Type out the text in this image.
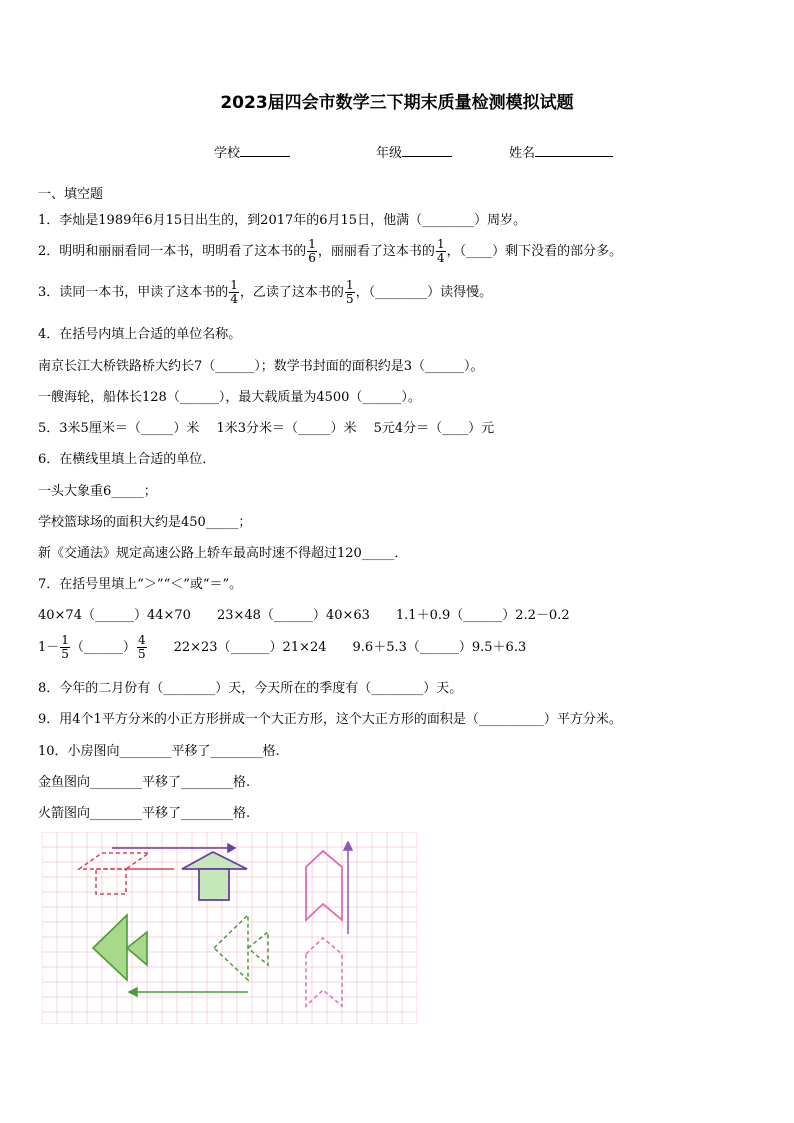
2023届四会市数学三下期末质量检测模拟试题
学校	年级	姓名
一、填空题
1．李灿是1989年6月15日出生的，到2017年的6月15日，他满（________）周岁。
2．明明和丽丽看同一本书，明明看了这本书的 $\frac{1}{6}$ ，丽丽看了这本书的 $\frac{1}{4}$ ，（____）剩下没看的部分多。
3．读同一本书，甲读了这本书的 $\frac{1}{4}$ ，乙读了这本书的 $\frac{1}{5}$ ，（________）读得慢。
4．在括号内填上合适的单位名称。
南京长江大桥铁路桥大约长7（______）；数学书封面的面积约是3（______）。
一艘海轮，船体长128（______），最大载质量为4500（______）。
5．3米5厘米＝（_____）米　 1米3分米＝（_____）米　 5元4分＝（____）元
6．在横线里填上合适的单位．
一头大象重6_____；
学校篮球场的面积大约是450_____；
新《交通法》规定高速公路上轿车最高时速不得超过120_____．
7．在括号里填上“＞”“＜”或“＝”。
40×74（______）44×70　　23×48（______）40×63　　1.1＋0.9（______）2.2－0.2
$1- \frac{1}{5}$ （______） $\frac{4}{5}$ 　　22×23（______）21×24　　9.6＋5.3（______）9.5＋6.3
8．今年的二月份有（________）天，今天所在的季度有（________）天。
9．用4个1平方分米的小正方形拼成一个大正方形，这个大正方形的面积是（__________）平方分米。
10．小房图向________平移了________格.
金鱼图向________平移了________格.
火箭图向________平移了________格.
